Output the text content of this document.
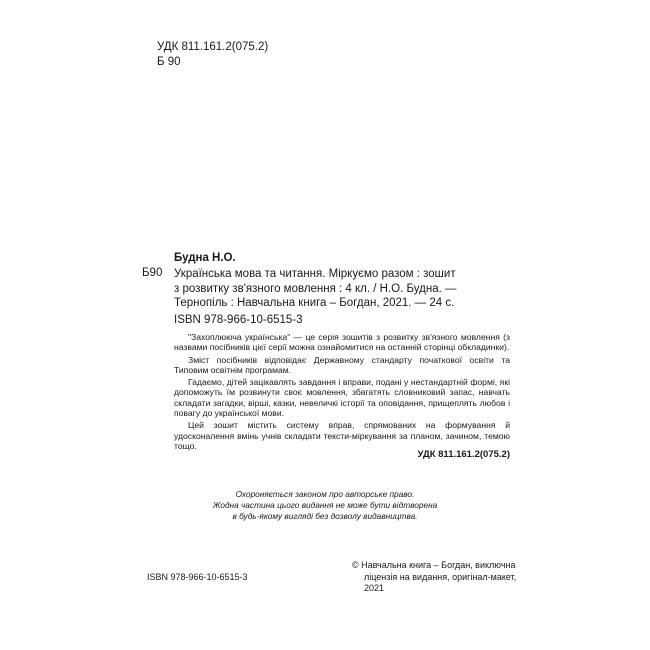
УДК 811.161.2(075.2)
Б 90
Будна Н.О.
Б90 Українська мова та читання. Міркуємо разом : зошит
з розвитку зв'язного мовлення : 4 кл. / Н.О. Будна. —
Тернопіль : Навчальна книга – Богдан, 2021. — 24 с.
ISBN 978-966-10-6515-3

"Захоплююча українська" — це серія зошитів з розвитку зв'язного мовлення (з назвами посібників цієї серії можна ознайомитися на останній сторінці обкладинки).

Зміст посібників відповідає Державному стандарту початкової освіти та Типовим освітнім програмам.

Гадаємо, дітей зацікавлять завдання і вправи, подані у нестандартній формі, які допоможуть їм розвинути своє мовлення, збагатять словниковий запас, навчать складати загадки, вірші, казки, невеличкі історії та оповідання, прищеплять любов і повагу до української мови.

Цей зошит містить систему вправ, спрямованих на формування й удосконалення вмінь учнів складати тексти-міркування за планом, зачином, темою тощо.

УДК 811.161.2(075.2)
Охороняється законом про авторське право.
Жодна частина цього видання не може бути відтворена
в будь-якому вигляді без дозволу видавництва.
ISBN 978-966-10-6515-3
© Навчальна книга – Богдан, виключна
ліцензія на видання, оригінал-макет, 2021
